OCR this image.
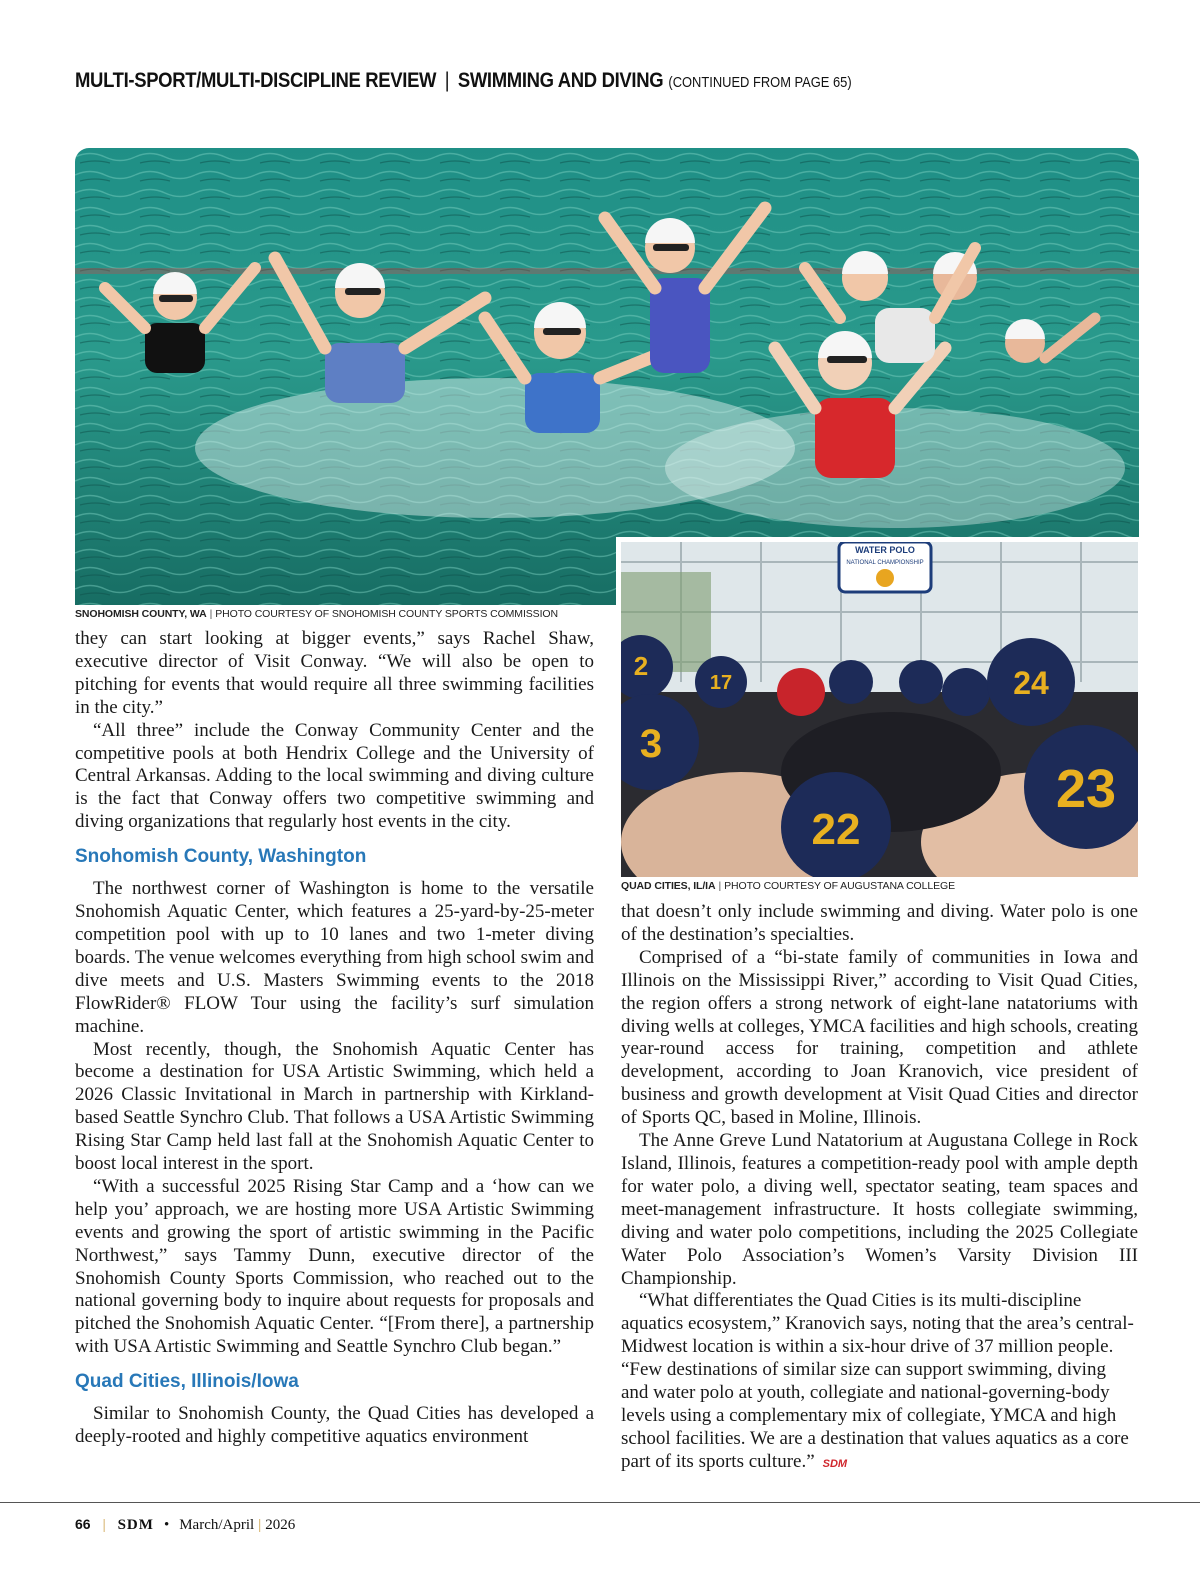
MULTI-SPORT/MULTI-DISCIPLINE REVIEW | SWIMMING AND DIVING (CONTINUED FROM PAGE 65)
SNOHOMISH COUNTY, WA | PHOTO COURTESY OF SNOHOMISH COUNTY SPORTS COMMISSION
WATER POLO
NATIONAL CHAMPIONSHIP
2
17
3
24
23
22
QUAD CITIES, IL/IA | PHOTO COURTESY OF AUGUSTANA COLLEGE

they can start looking at bigger events,” says Rachel Shaw, executive director of Visit Conway. “We will also be open to pitching for events that would require all three swimming facilities in the city.”

“All three” include the Conway Community Center and the competitive pools at both Hendrix College and the University of Central Arkansas. Adding to the local swimming and diving culture is the fact that Conway offers two competitive swimming and diving organizations that regularly host events in the city.

Snohomish County, Washington

The northwest corner of Washington is home to the versatile Snohomish Aquatic Center, which features a 25-yard-by-25-meter competition pool with up to 10 lanes and two 1-meter diving boards. The venue welcomes everything from high school swim and dive meets and U.S. Masters Swimming events to the 2018 FlowRider® FLOW Tour using the facility’s surf simulation machine.

Most recently, though, the Snohomish Aquatic Center has become a destination for USA Artistic Swimming, which held a 2026 Classic Invitational in March in partnership with Kirkland-based Seattle Synchro Club. That follows a USA Artistic Swimming Rising Star Camp held last fall at the Snohomish Aquatic Center to boost local interest in the sport.

“With a successful 2025 Rising Star Camp and a ‘how can we help you’ approach, we are hosting more USA Artistic Swimming events and growing the sport of artistic swimming in the Pacific Northwest,” says Tammy Dunn, executive director of the Snohomish County Sports Commission, who reached out to the national governing body to inquire about requests for proposals and pitched the Snohomish Aquatic Center. “[From there], a partnership with USA Artistic Swimming and Seattle Synchro Club began.”

Quad Cities, Illinois/Iowa

Similar to Snohomish County, the Quad Cities has developed a deeply-rooted and highly competitive aquatics environment

that doesn’t only include swimming and diving. Water polo is one of the destination’s specialties.

Comprised of a “bi-state family of communities in Iowa and Illinois on the Mississippi River,” according to Visit Quad Cities, the region offers a strong network of eight-lane natatoriums with diving wells at colleges, YMCA facilities and high schools, creating year-round access for training, competition and athlete development, according to Joan Kranovich, vice president of business and growth development at Visit Quad Cities and director of Sports QC, based in Moline, Illinois.

The Anne Greve Lund Natatorium at Augustana College in Rock Island, Illinois, features a competition-ready pool with ample depth for water polo, a diving well, spectator seating, team spaces and meet-management infrastructure. It hosts collegiate swimming, diving and water polo competitions, including the 2025 Collegiate Water Polo Association’s Women’s Varsity Division III Championship.

“What differentiates the Quad Cities is its multi-discipline aquatics ecosystem,” Kranovich says, noting that the area’s central-Midwest location is within a six-hour drive of 37 million people. “Few destinations of similar size can support swimming, diving and water polo at youth, collegiate and national-governing-body levels using a complementary mix of collegiate, YMCA and high school facilities. We are a destination that values aquatics as a core part of its sports culture.” SDM

66 | SDM • March/April | 2026
